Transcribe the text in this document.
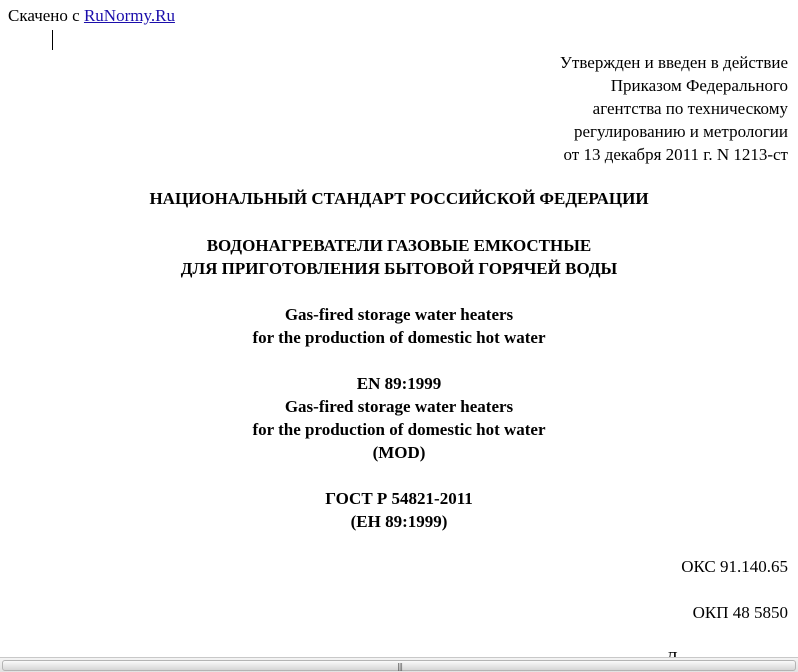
Скачено с RuNormy.Ru
Утвержден и введен в действие
Приказом Федерального
агентства по техническому
регулированию и метрологии
от 13 декабря 2011 г. N 1213-ст
НАЦИОНАЛЬНЫЙ СТАНДАРТ РОССИЙСКОЙ ФЕДЕРАЦИИ
ВОДОНАГРЕВАТЕЛИ ГАЗОВЫЕ ЕМКОСТНЫЕ
ДЛЯ ПРИГОТОВЛЕНИЯ БЫТОВОЙ ГОРЯЧЕЙ ВОДЫ
Gas-fired storage water heaters
for the production of domestic hot water
EN 89:1999
Gas-fired storage water heaters
for the production of domestic hot water
(MOD)
ГОСТ Р 54821-2011
(ЕН 89:1999)
ОКС 91.140.65
ОКП 48 5850
|||
